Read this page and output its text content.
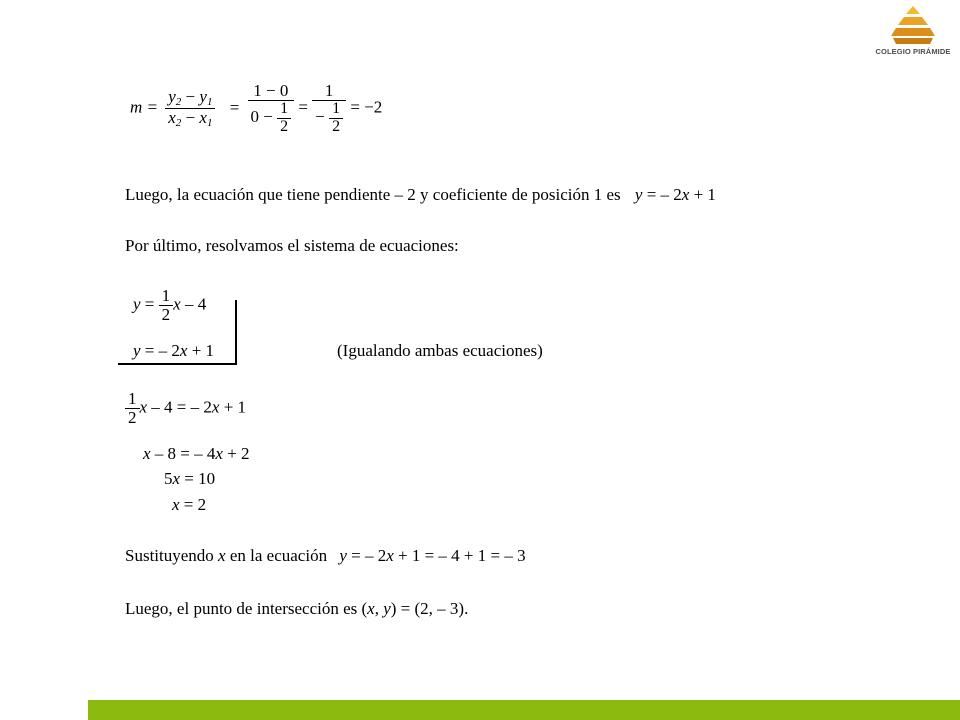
COLEGIO PIRÁMIDE
$m = \frac{y_2 - y_1}{x_2 - x_1} = \frac{1 - 0}{0 - \frac{1}{2}} = \frac{1}{- \frac{1}{2}} = -2$
Luego, la ecuación que tiene pendiente – 2 y coeficiente de posición 1 es y = – 2x + 1
Por último, resolvamos el sistema de ecuaciones:
$y = \frac{1}{2}$ x – 4
y = – 2x + 1	(Igualando ambas ecuaciones)
$\frac{1}{2}$ x – 4 = – 2x + 1
x – 8 = – 4x + 2
5x = 10
x = 2
Sustituyendo x en la ecuación y = – 2x + 1 = – 4 + 1 = – 3
Luego, el punto de intersección es (x, y) = (2, – 3).
